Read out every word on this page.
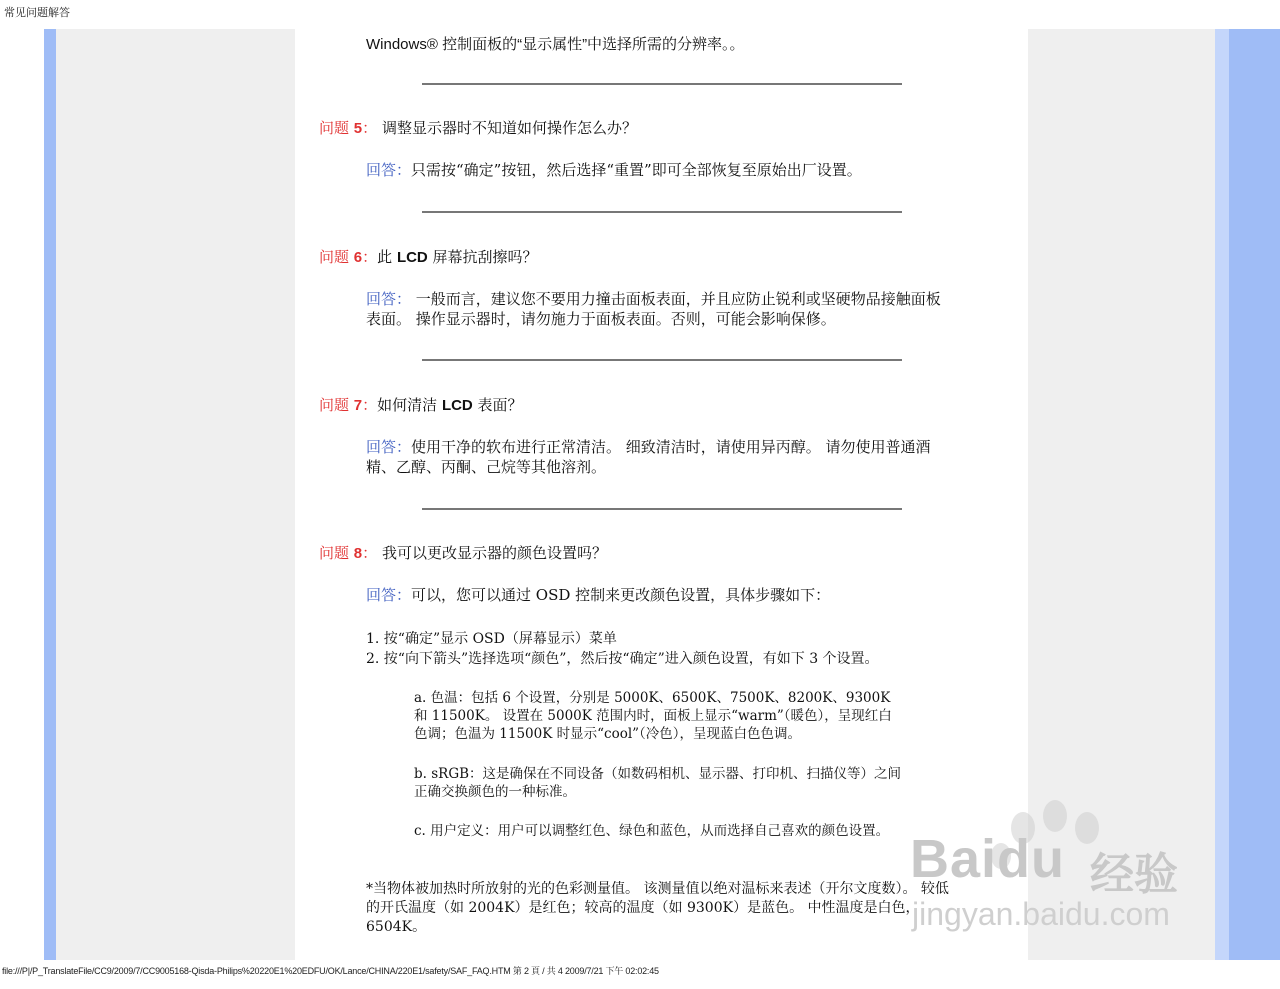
常见问题解答
Windows® 控制面板的“显示属性”中选择所需的分辨率。。
问题 5： 调整显示器时不知道如何操作怎么办？
回答：只需按“确定”按钮，然后选择“重置”即可全部恢复至原始出厂设置。
问题 6：此 LCD 屏幕抗刮擦吗？
回答： 一般而言，建议您不要用力撞击面板表面，并且应防止锐利或坚硬物品接触面板表面。 操作显示器时，请勿施力于面板表面。否则，可能会影响保修。
问题 7：如何清洁 LCD 表面？
回答：使用干净的软布进行正常清洁。 细致清洁时，请使用异丙醇。 请勿使用普通酒精、乙醇、丙酮、己烷等其他溶剂。
问题 8： 我可以更改显示器的颜色设置吗？
回答：可以，您可以通过 OSD 控制来更改颜色设置，具体步骤如下：
1. 按“确定”显示 OSD（屏幕显示）菜单
2. 按“向下箭头”选择选项“颜色”，然后按“确定”进入颜色设置，有如下 3 个设置。
a. 色温：包括 6 个设置，分别是 5000K、6500K、7500K、8200K、9300K 和 11500K。 设置在 5000K 范围内时，面板上显示“warm”（暖色），呈现红白色调；色温为 11500K 时显示“cool”（冷色），呈现蓝白色色调。
b. sRGB：这是确保在不同设备（如数码相机、显示器、打印机、扫描仪等）之间正确交换颜色的一种标准。
c. 用户定义：用户可以调整红色、绿色和蓝色，从而选择自己喜欢的颜色设置。
*当物体被加热时所放射的光的色彩测量值。 该测量值以绝对温标来表述（开尔文度数）。 较低的开氏温度（如 2004K）是红色；较高的温度（如 9300K）是蓝色。 中性温度是白色，6504K。
Baidu 经验
jingyan.baidu.com
file:///P|/P_TranslateFile/CC9/2009/7/CC9005168-Qisda-Philips%20220E1%20EDFU/OK/Lance/CHINA/220E1/safety/SAF_FAQ.HTM 第 2 頁 / 共 4 2009/7/21 下午 02:02:45
